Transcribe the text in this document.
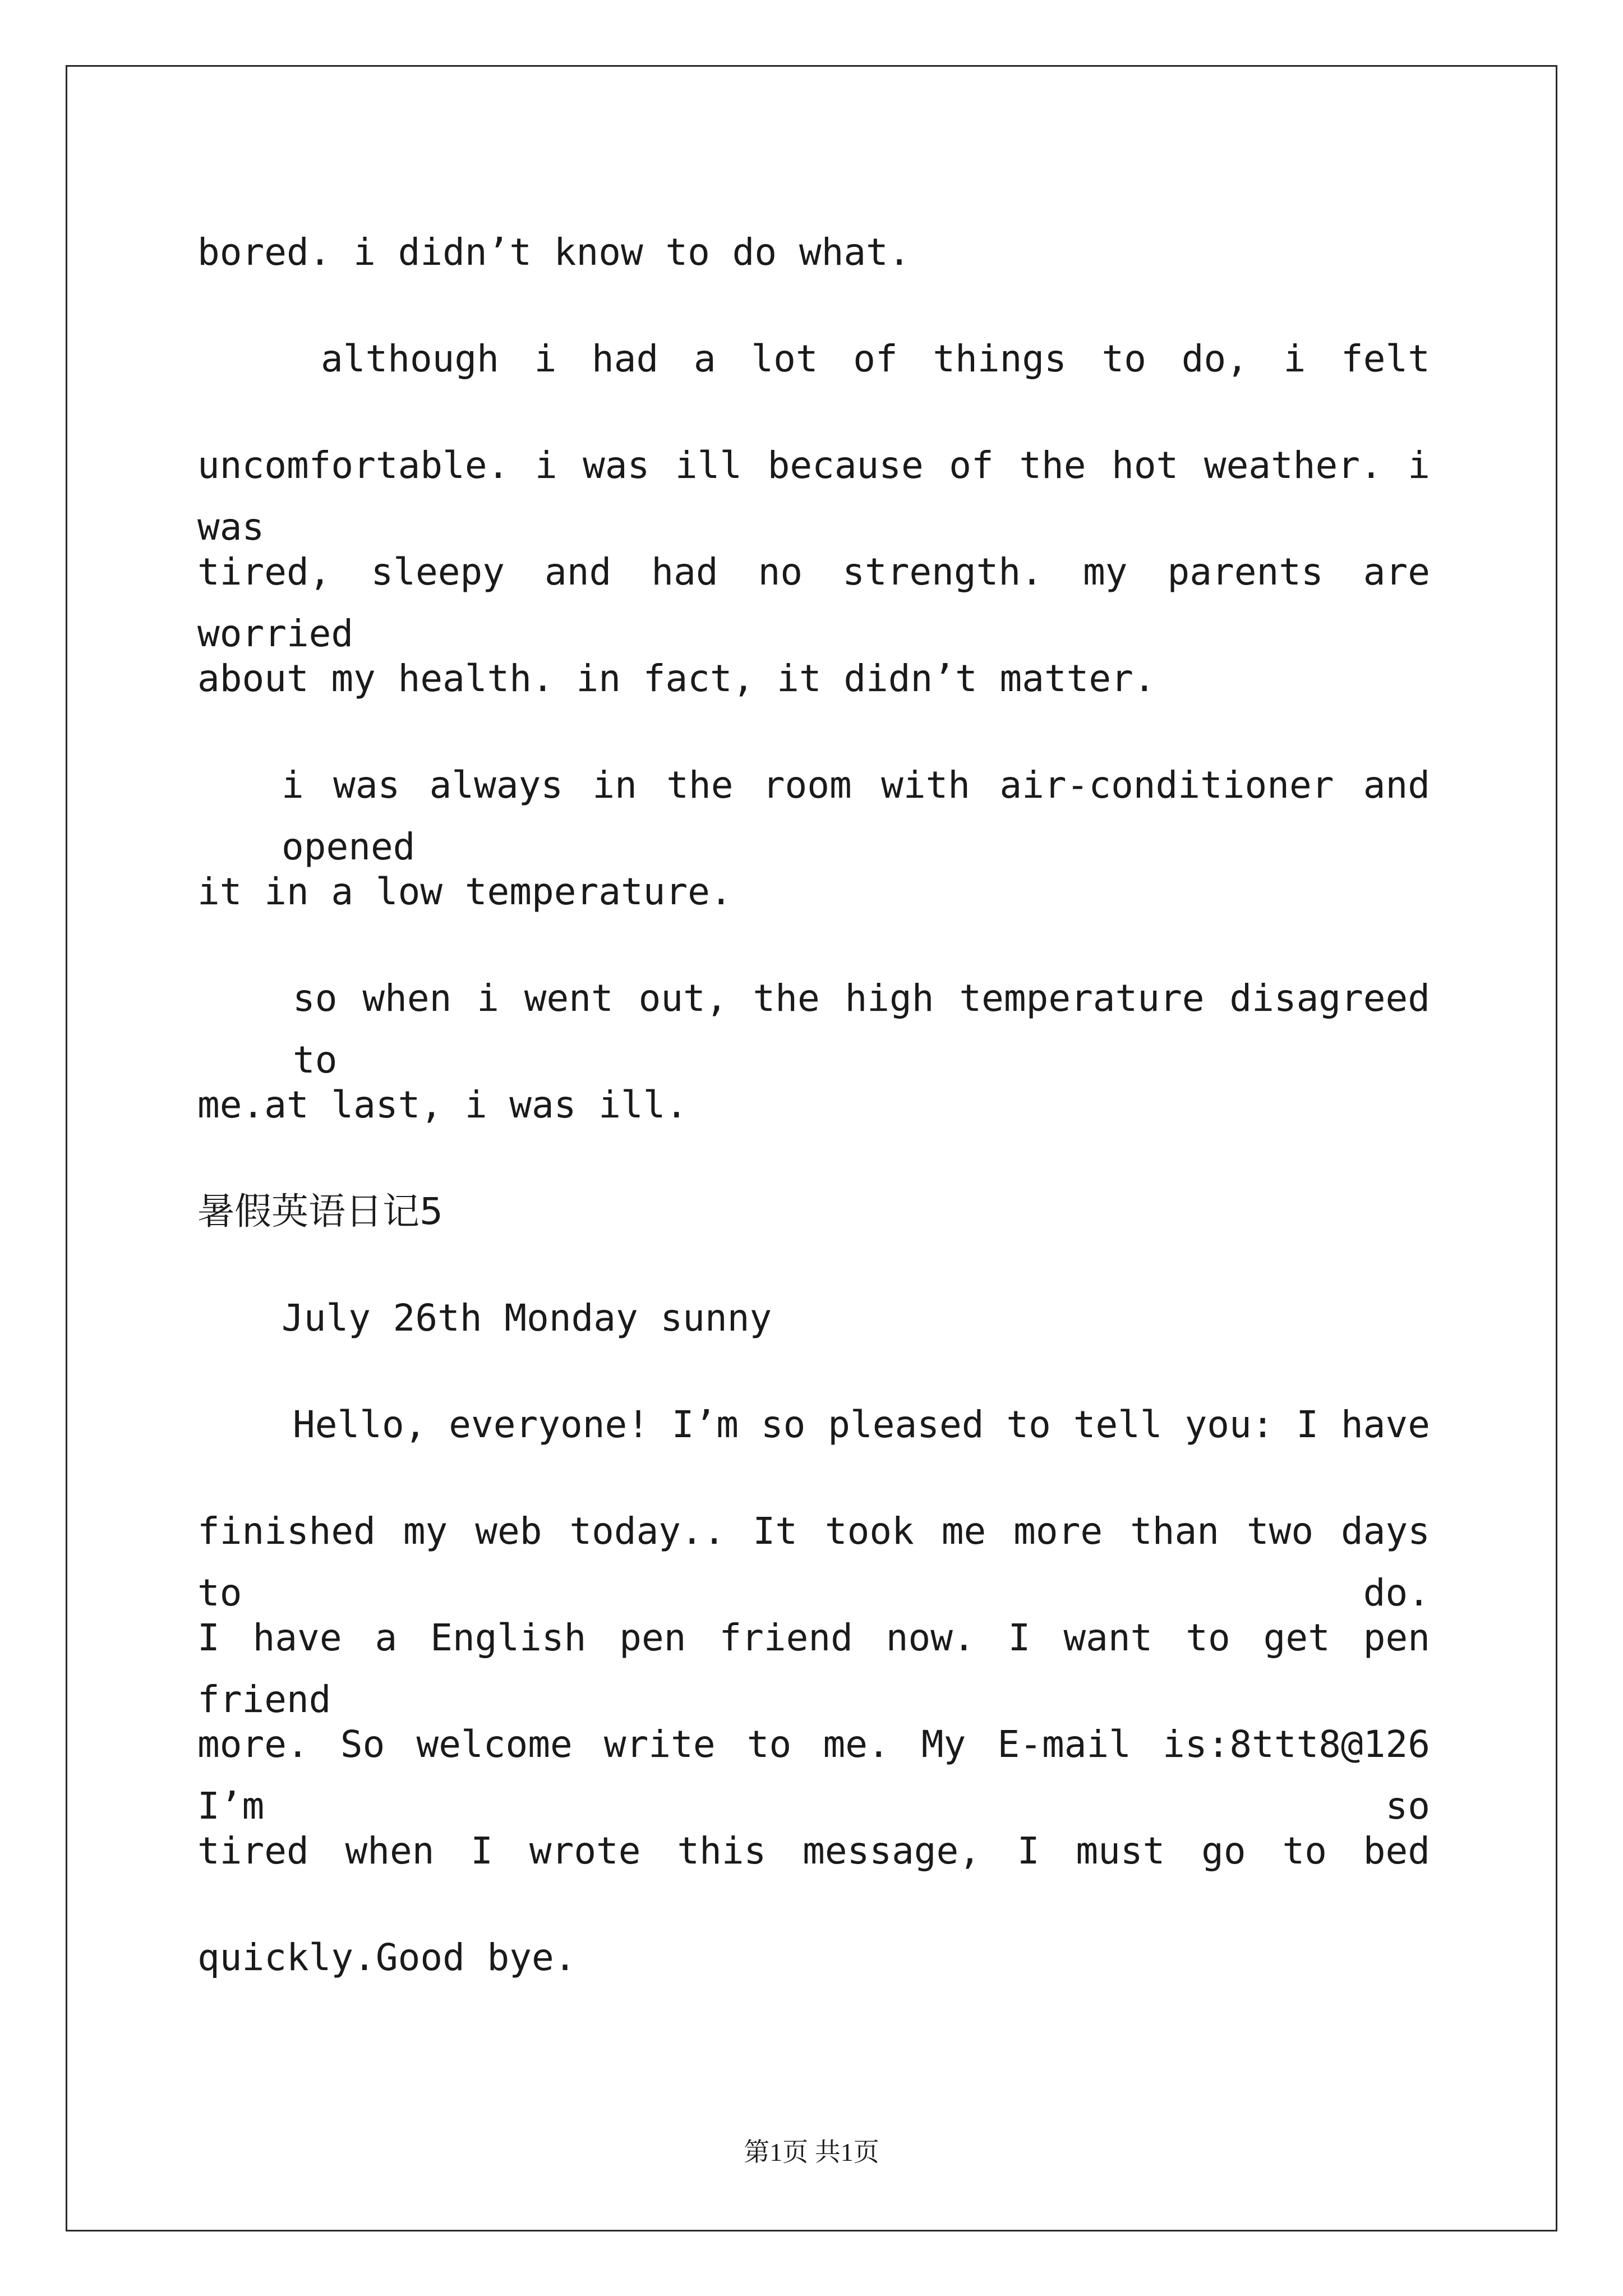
bored. i didn’t know to do what.
although i had a lot of things to do, i felt
uncomfortable. i was ill because of the hot weather. i was
tired, sleepy and had no strength. my parents are worried
about my health. in fact, it didn’t matter.
i was always in the room with air-conditioner and opened
it in a low temperature.
so when i went out, the high temperature disagreed to
me.at last, i was ill.
暑假英语日记5
July 26th Monday sunny
Hello, everyone! I’m so pleased to tell you: I have
finished my web today.. It took me more than two days to do.
I have a English pen friend now. I want to get pen friend
more. So welcome write to me. My E-mail is:8ttt8@126 I’m so
tired when I wrote this message, I must go to bed
quickly.Good bye.
第1页 共1页
